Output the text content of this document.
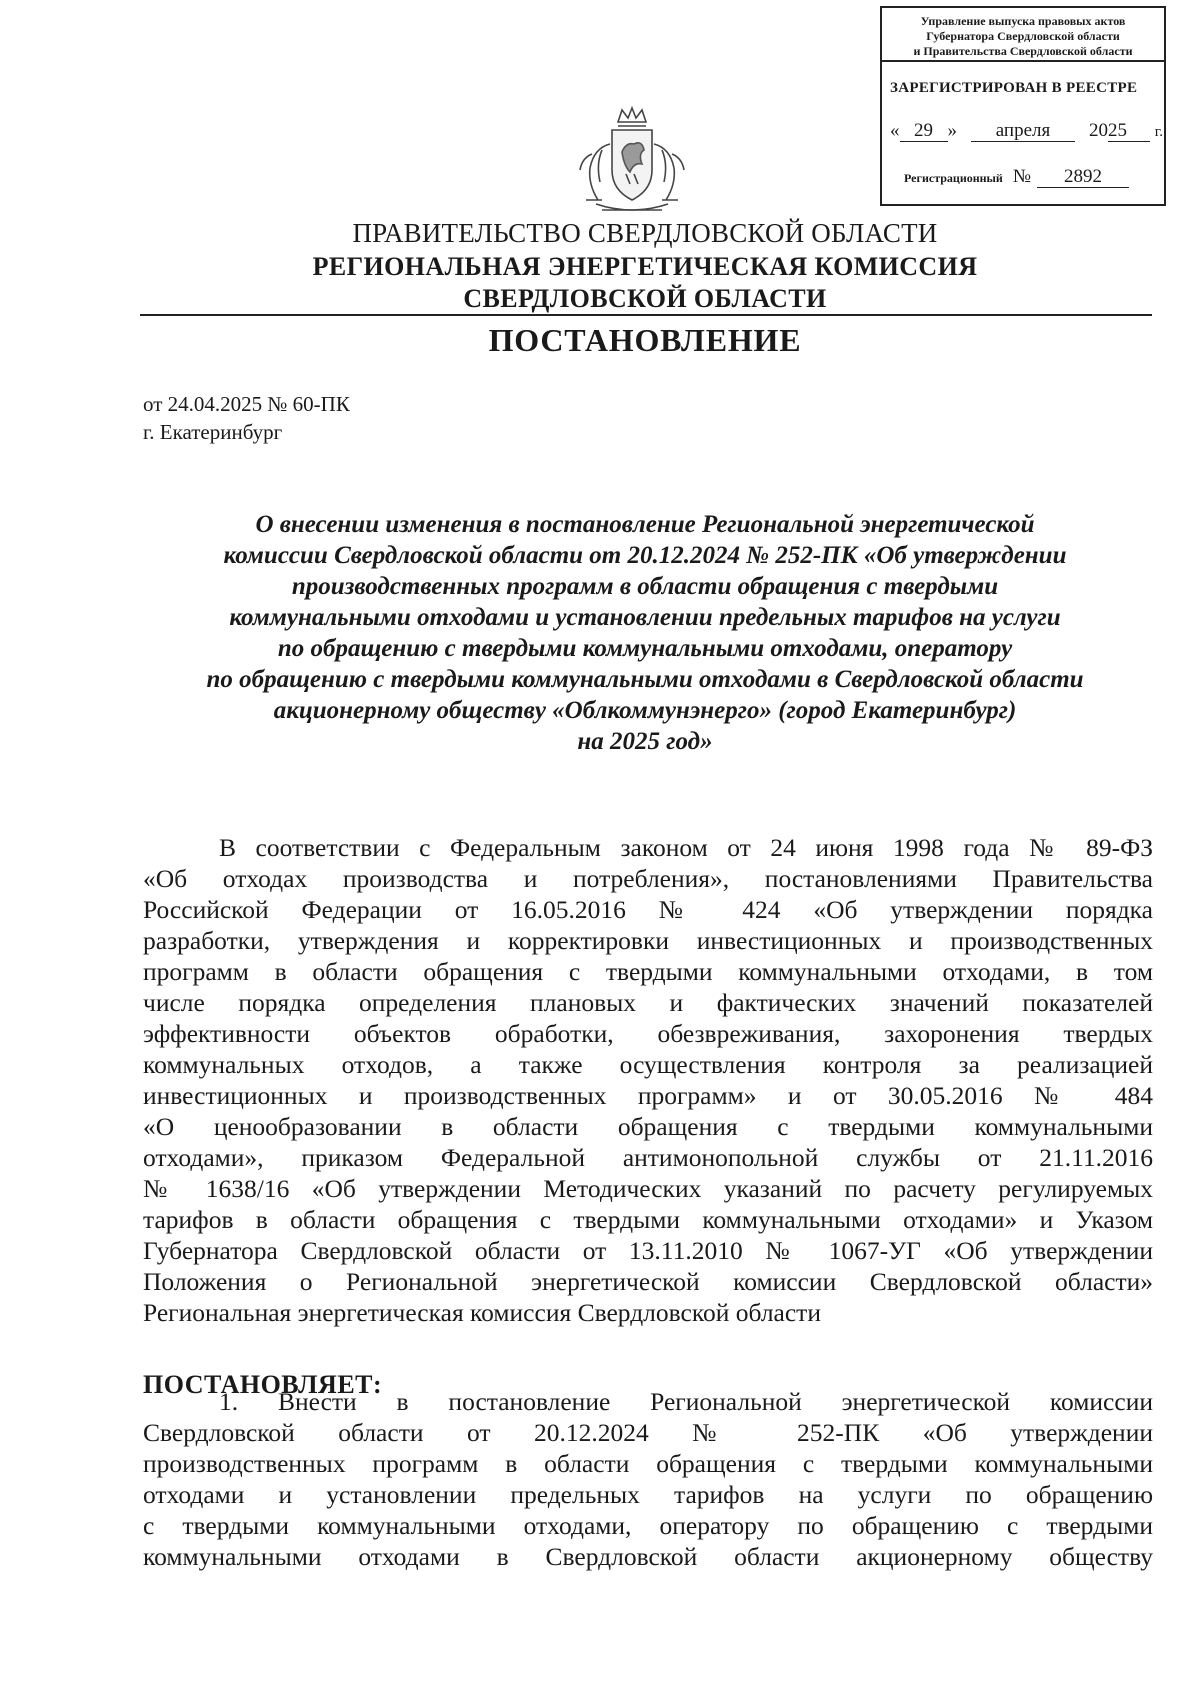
Управление выпуска правовых актов
Губернатора Свердловской области
и Правительства Свердловской области
ЗАРЕГИСТРИРОВАН В РЕЕСТРЕ
« 29 » апреля 2025 г.
Регистрационный № 2892
ПРАВИТЕЛЬСТВО СВЕРДЛОВСКОЙ ОБЛАСТИ
РЕГИОНАЛЬНАЯ ЭНЕРГЕТИЧЕСКАЯ КОМИССИЯ
СВЕРДЛОВСКОЙ ОБЛАСТИ
ПОСТАНОВЛЕНИЕ
от 24.04.2025 № 60-ПК
г. Екатеринбург
О внесении изменения в постановление Региональной энергетической
комиссии Свердловской области от 20.12.2024 № 252-ПК «Об утверждении
производственных программ в области обращения с твердыми
коммунальными отходами и установлении предельных тарифов на услуги
по обращению с твердыми коммунальными отходами, оператору
по обращению с твердыми коммунальными отходами в Свердловской области
акционерному обществу «Облкоммунэнерго» (город Екатеринбург)
на 2025 год»
В соответствии с Федеральным законом от 24 июня 1998 года № 89-ФЗ
«Об отходах производства и потребления», постановлениями Правительства
Российской Федерации от 16.05.2016 № 424 «Об утверждении порядка
разработки, утверждения и корректировки инвестиционных и производственных
программ в области обращения с твердыми коммунальными отходами, в том
числе порядка определения плановых и фактических значений показателей
эффективности объектов обработки, обезвреживания, захоронения твердых
коммунальных отходов, а также осуществления контроля за реализацией
инвестиционных и производственных программ» и от 30.05.2016 № 484
«О ценообразовании в области обращения с твердыми коммунальными
отходами», приказом Федеральной антимонопольной службы от 21.11.2016
№ 1638/16 «Об утверждении Методических указаний по расчету регулируемых
тарифов в области обращения с твердыми коммунальными отходами» и Указом
Губернатора Свердловской области от 13.11.2010 № 1067-УГ «Об утверждении
Положения о Региональной энергетической комиссии Свердловской области»
Региональная энергетическая комиссия Свердловской области
ПОСТАНОВЛЯЕТ:
1. Внести в постановление Региональной энергетической комиссии
Свердловской области от 20.12.2024 № 252-ПК «Об утверждении
производственных программ в области обращения с твердыми коммунальными
отходами и установлении предельных тарифов на услуги по обращению
с твердыми коммунальными отходами, оператору по обращению с твердыми
коммунальными отходами в Свердловской области акционерному обществу
